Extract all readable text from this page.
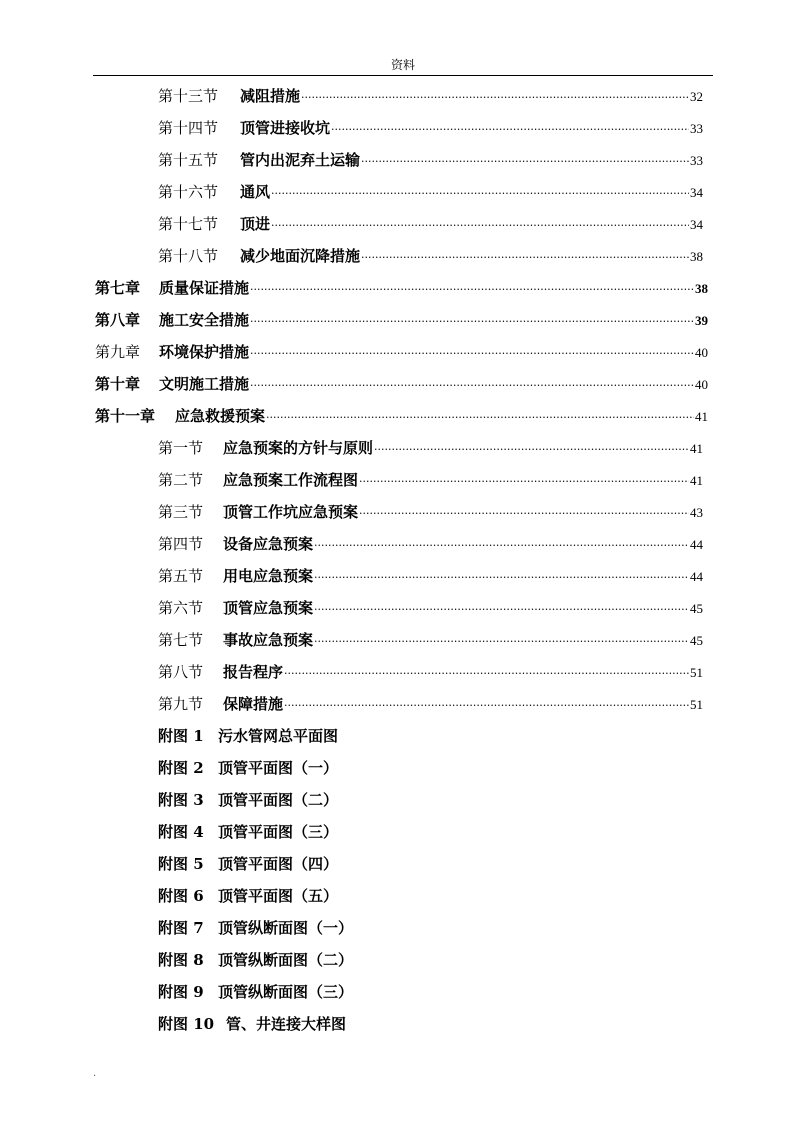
资料
第十三节	减阻措施 ·····	32
第十四节	顶管进接收坑 ·····	33
第十五节	管内出泥弃土运输 ·····	33
第十六节	通风 ·····	34
第十七节	顶进 ·····	34
第十八节	减少地面沉降措施 ·····	38
第七章	质量保证措施 ·····	38
第八章	施工安全措施 ·····	39
第九章	环境保护措施 ·····	40
第十章	文明施工措施 ·····	40
第十一章	应急救援预案 ·····	41
第一节	应急预案的方针与原则 ·····	41
第二节	应急预案工作流程图 ·····	41
第三节	顶管工作坑应急预案 ·····	43
第四节	设备应急预案 ·····	44
第五节	用电应急预案 ·····	44
第六节	顶管应急预案 ·····	45
第七节	事故应急预案 ·····	45
第八节	报告程序 ·····	51
第九节	保障措施 ·····	51
附图 1 污水管网总平面图
附图 2 顶管平面图（一）
附图 3 顶管平面图（二）
附图 4 顶管平面图（三）
附图 5 顶管平面图（四）
附图 6 顶管平面图（五）
附图 7 顶管纵断面图（一）
附图 8 顶管纵断面图（二）
附图 9 顶管纵断面图（三）
附图 10 管、井连接大样图
.
